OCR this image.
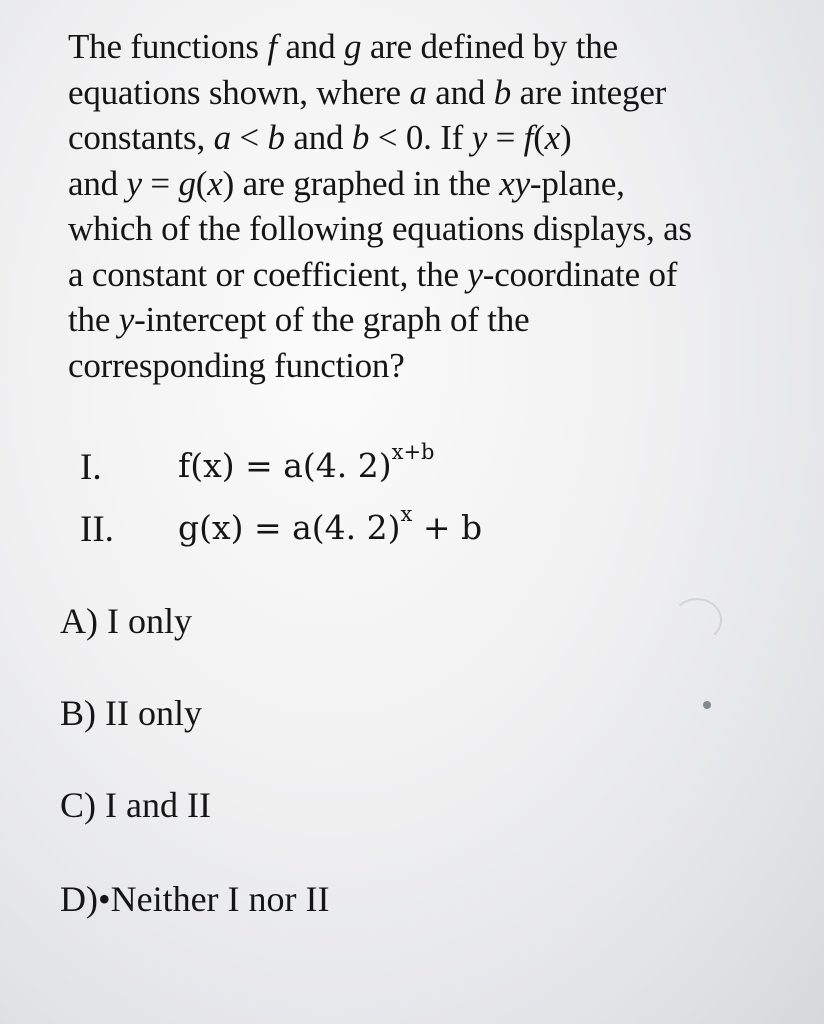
The functions f and g are defined by the
equations shown, where a and b are integer
constants, a < b and b < 0. If y = f(x)
and y = g(x) are graphed in the xy-plane,
which of the following equations displays, as
a constant or coefficient, the y-coordinate of
the y-intercept of the graph of the
corresponding function?
I. f(x) = a(4. 2)$^{x+b}$
II. g(x) = a(4. 2)$^x$ + b
A) I only
B) II only
C) I and II
D)•Neither I nor II
